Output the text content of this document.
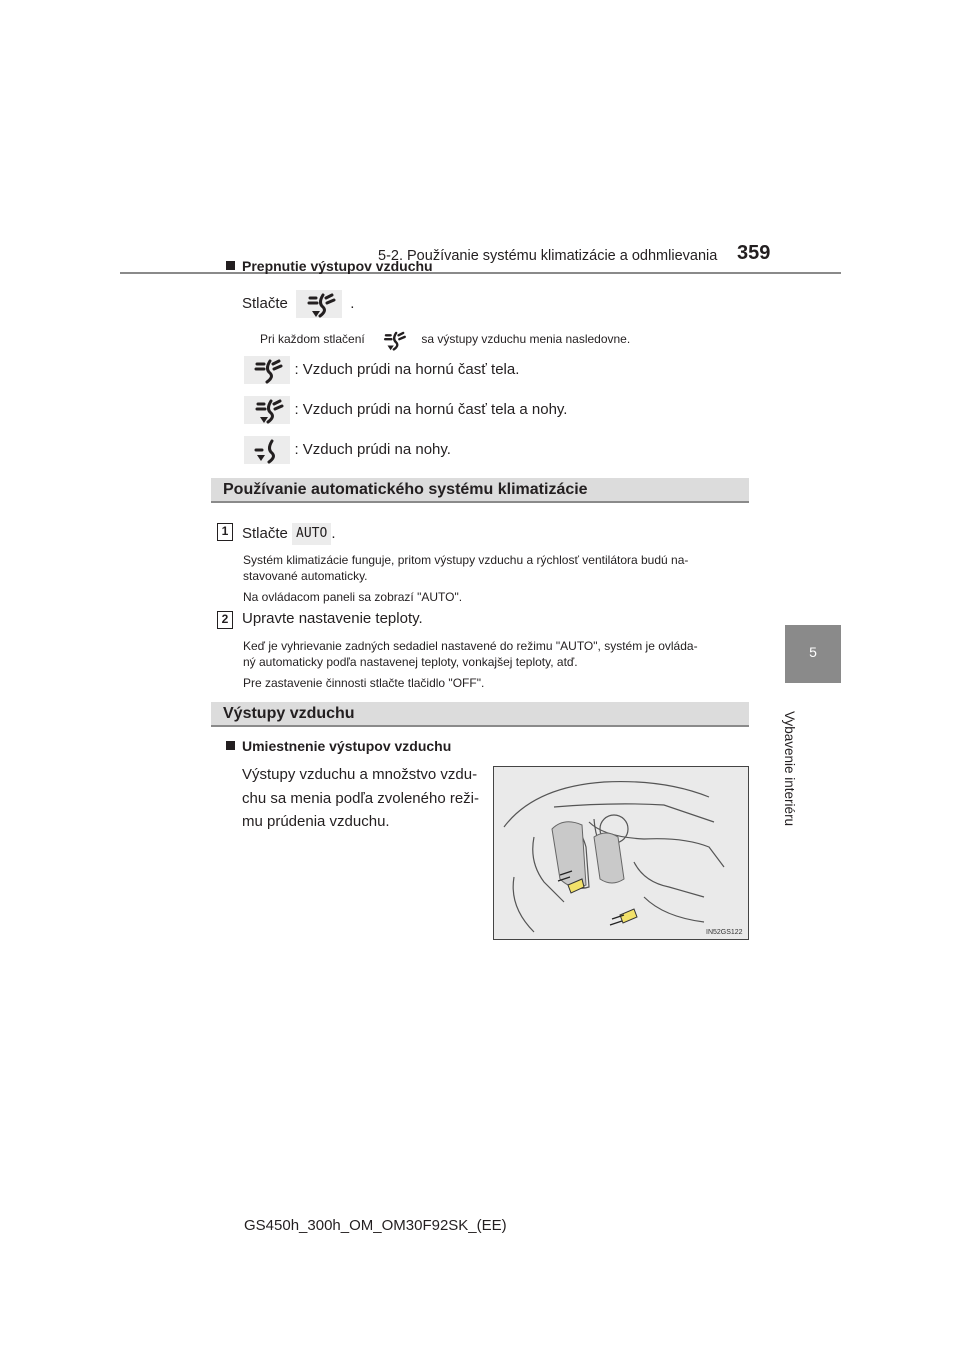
5-2. Používanie systému klimatizácie a odhmlievania 359
5
Vybavenie interiéru
Prepnutie výstupov vzduchu
Stlačte	.
Pri každom stlačení	sa výstupy vzduchu menia nasledovne.
: Vzduch prúdi na hornú časť tela.
: Vzduch prúdi na hornú časť tela a nohy.
: Vzduch prúdi na nohy.
Používanie automatického systému klimatizácie
1 Stlačte AUTO .
Systém klimatizácie funguje, pritom výstupy vzduchu a rýchlosť ventilátora budú na-
stavované automaticky.
Na ovládacom paneli sa zobrazí "AUTO".
2 Upravte nastavenie teploty.
Keď je vyhrievanie zadných sedadiel nastavené do režimu "AUTO", systém je ovláda-
ný automaticky podľa nastavenej teploty, vonkajšej teploty, atď.
Pre zastavenie činnosti stlačte tlačidlo "OFF".
Výstupy vzduchu
Umiestnenie výstupov vzduchu
Výstupy vzduchu a množstvo vzdu-
chu sa menia podľa zvoleného reži-
mu prúdenia vzduchu.
IN52GS122
GS450h_300h_OM_OM30F92SK_(EE)
